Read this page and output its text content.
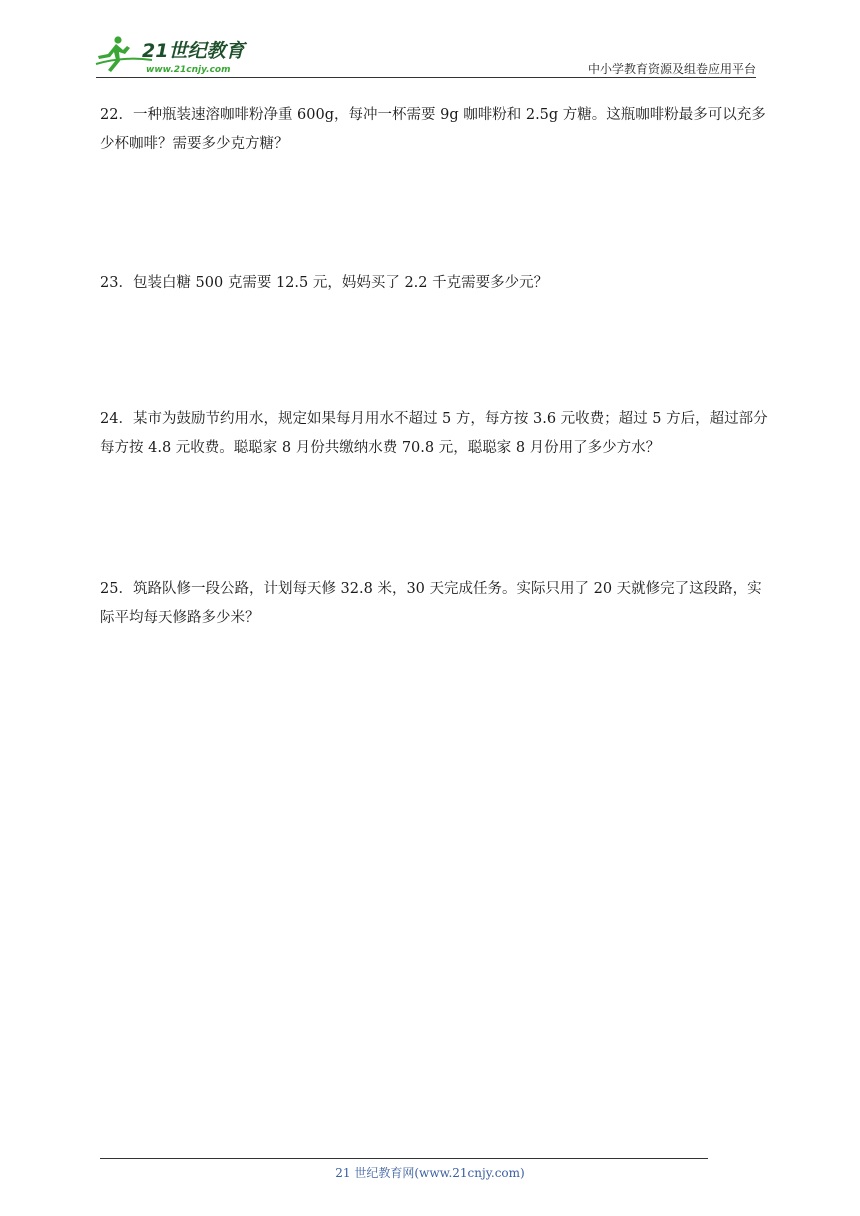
21世纪教育
www.21cnjy.com	中小学教育资源及组卷应用平台

22．一种瓶装速溶咖啡粉净重 600g，每冲一杯需要 9g 咖啡粉和 2.5g 方糖。这瓶咖啡粉最多可以充多少杯咖啡？需要多少克方糖？

23．包装白糖 500 克需要 12.5 元，妈妈买了 2.2 千克需要多少元？

24．某市为鼓励节约用水，规定如果每月用水不超过 5 方，每方按 3.6 元收费；超过 5 方后，超过部分每方按 4.8 元收费。聪聪家 8 月份共缴纳水费 70.8 元，聪聪家 8 月份用了多少方水？

25．筑路队修一段公路，计划每天修 32.8 米，30 天完成任务。实际只用了 20 天就修完了这段路，实际平均每天修路多少米？

21 世纪教育网(www.21cnjy.com)
